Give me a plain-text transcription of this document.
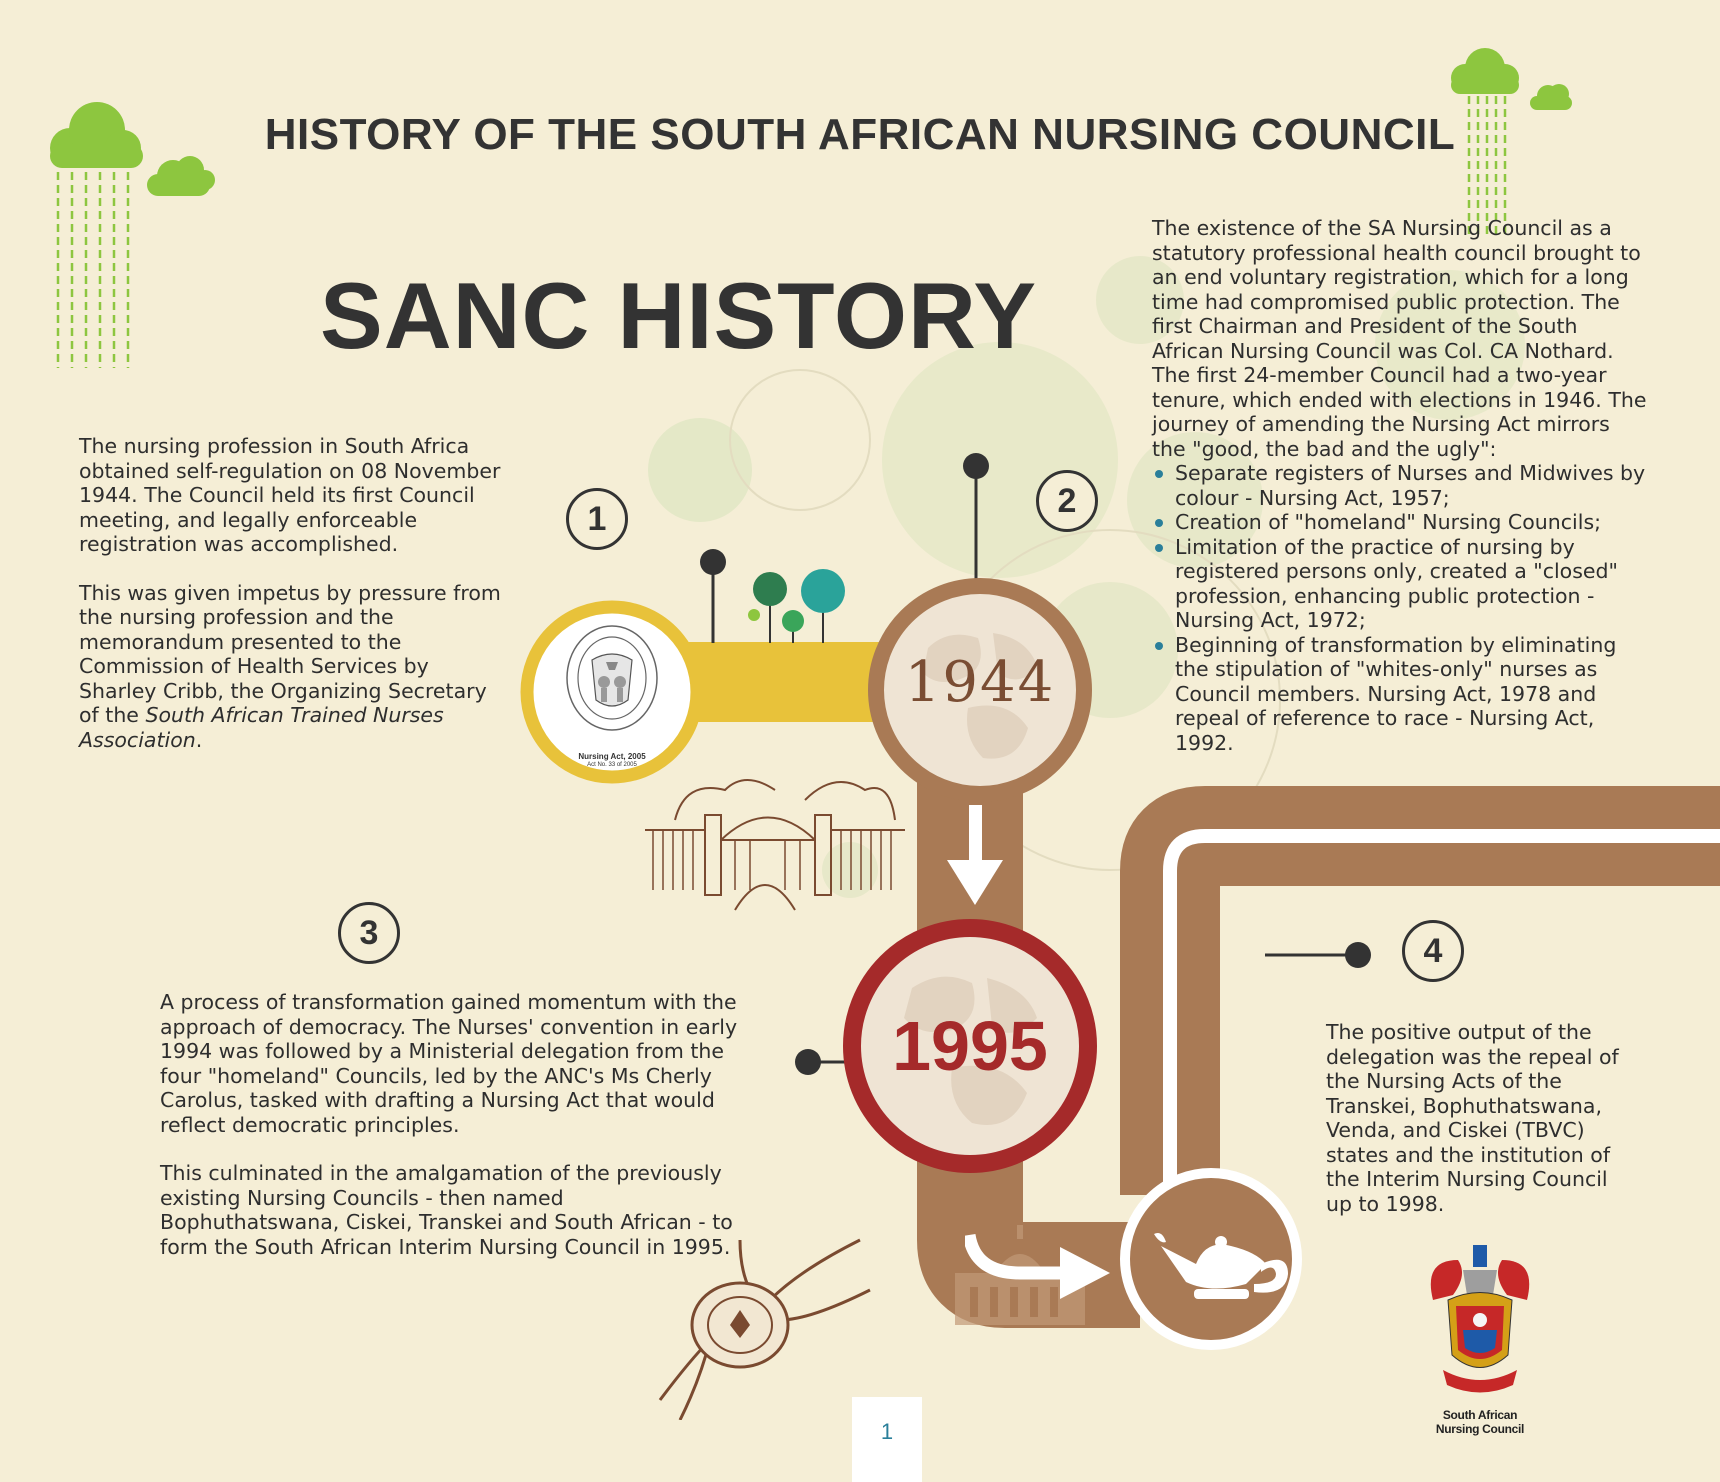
HISTORY OF THE SOUTH AFRICAN NURSING COUNCIL
SANC HISTORY
1

The nursing profession in South Africa obtained self-regulation on 08 November 1944. The Council held its first Council meeting, and legally enforceable registration was accomplished.

This was given impetus by pressure from the nursing profession and the memorandum presented to the Commission of Health Services by Sharley Cribb, the Organizing Secretary of the South African Trained Nurses Association.

2

The existence of the SA Nursing Council as a statutory professional health council brought to an end voluntary registration, which for a long time had compromised public protection. The first Chairman and President of the South African Nursing Council was Col. CA Nothard. The first 24-member Council had a two-year tenure, which ended with elections in 1946. The journey of amending the Nursing Act mirrors the "good, the bad and the ugly":

Separate registers of Nurses and Midwives by colour - Nursing Act, 1957;
Creation of "homeland" Nursing Councils;
Limitation of the practice of nursing by registered persons only, created a "closed" profession, enhancing public protection - Nursing Act, 1972;
Beginning of transformation by eliminating the stipulation of "whites-only" nurses as Council members. Nursing Act, 1978 and repeal of reference to race - Nursing Act, 1992.
3

A process of transformation gained momentum with the approach of democracy. The Nurses' convention in early 1994 was followed by a Ministerial delegation from the four "homeland" Councils, led by the ANC's Ms Cherly Carolus, tasked with drafting a Nursing Act that would reflect democratic principles.

This culminated in the amalgamation of the previously existing Nursing Councils - then named Bophuthatswana, Ciskei, Transkei and South African - to form the South African Interim Nursing Council in 1995.

4
The positive output of the delegation was the repeal of the Nursing Acts of the Transkei, Bophuthatswana, Venda, and Ciskei (TBVC) states and the institution of the Interim Nursing Council up to 1998.
Nursing Act, 2005
Act No. 33 of 2005
1944
1995
South African
Nursing Council
1
